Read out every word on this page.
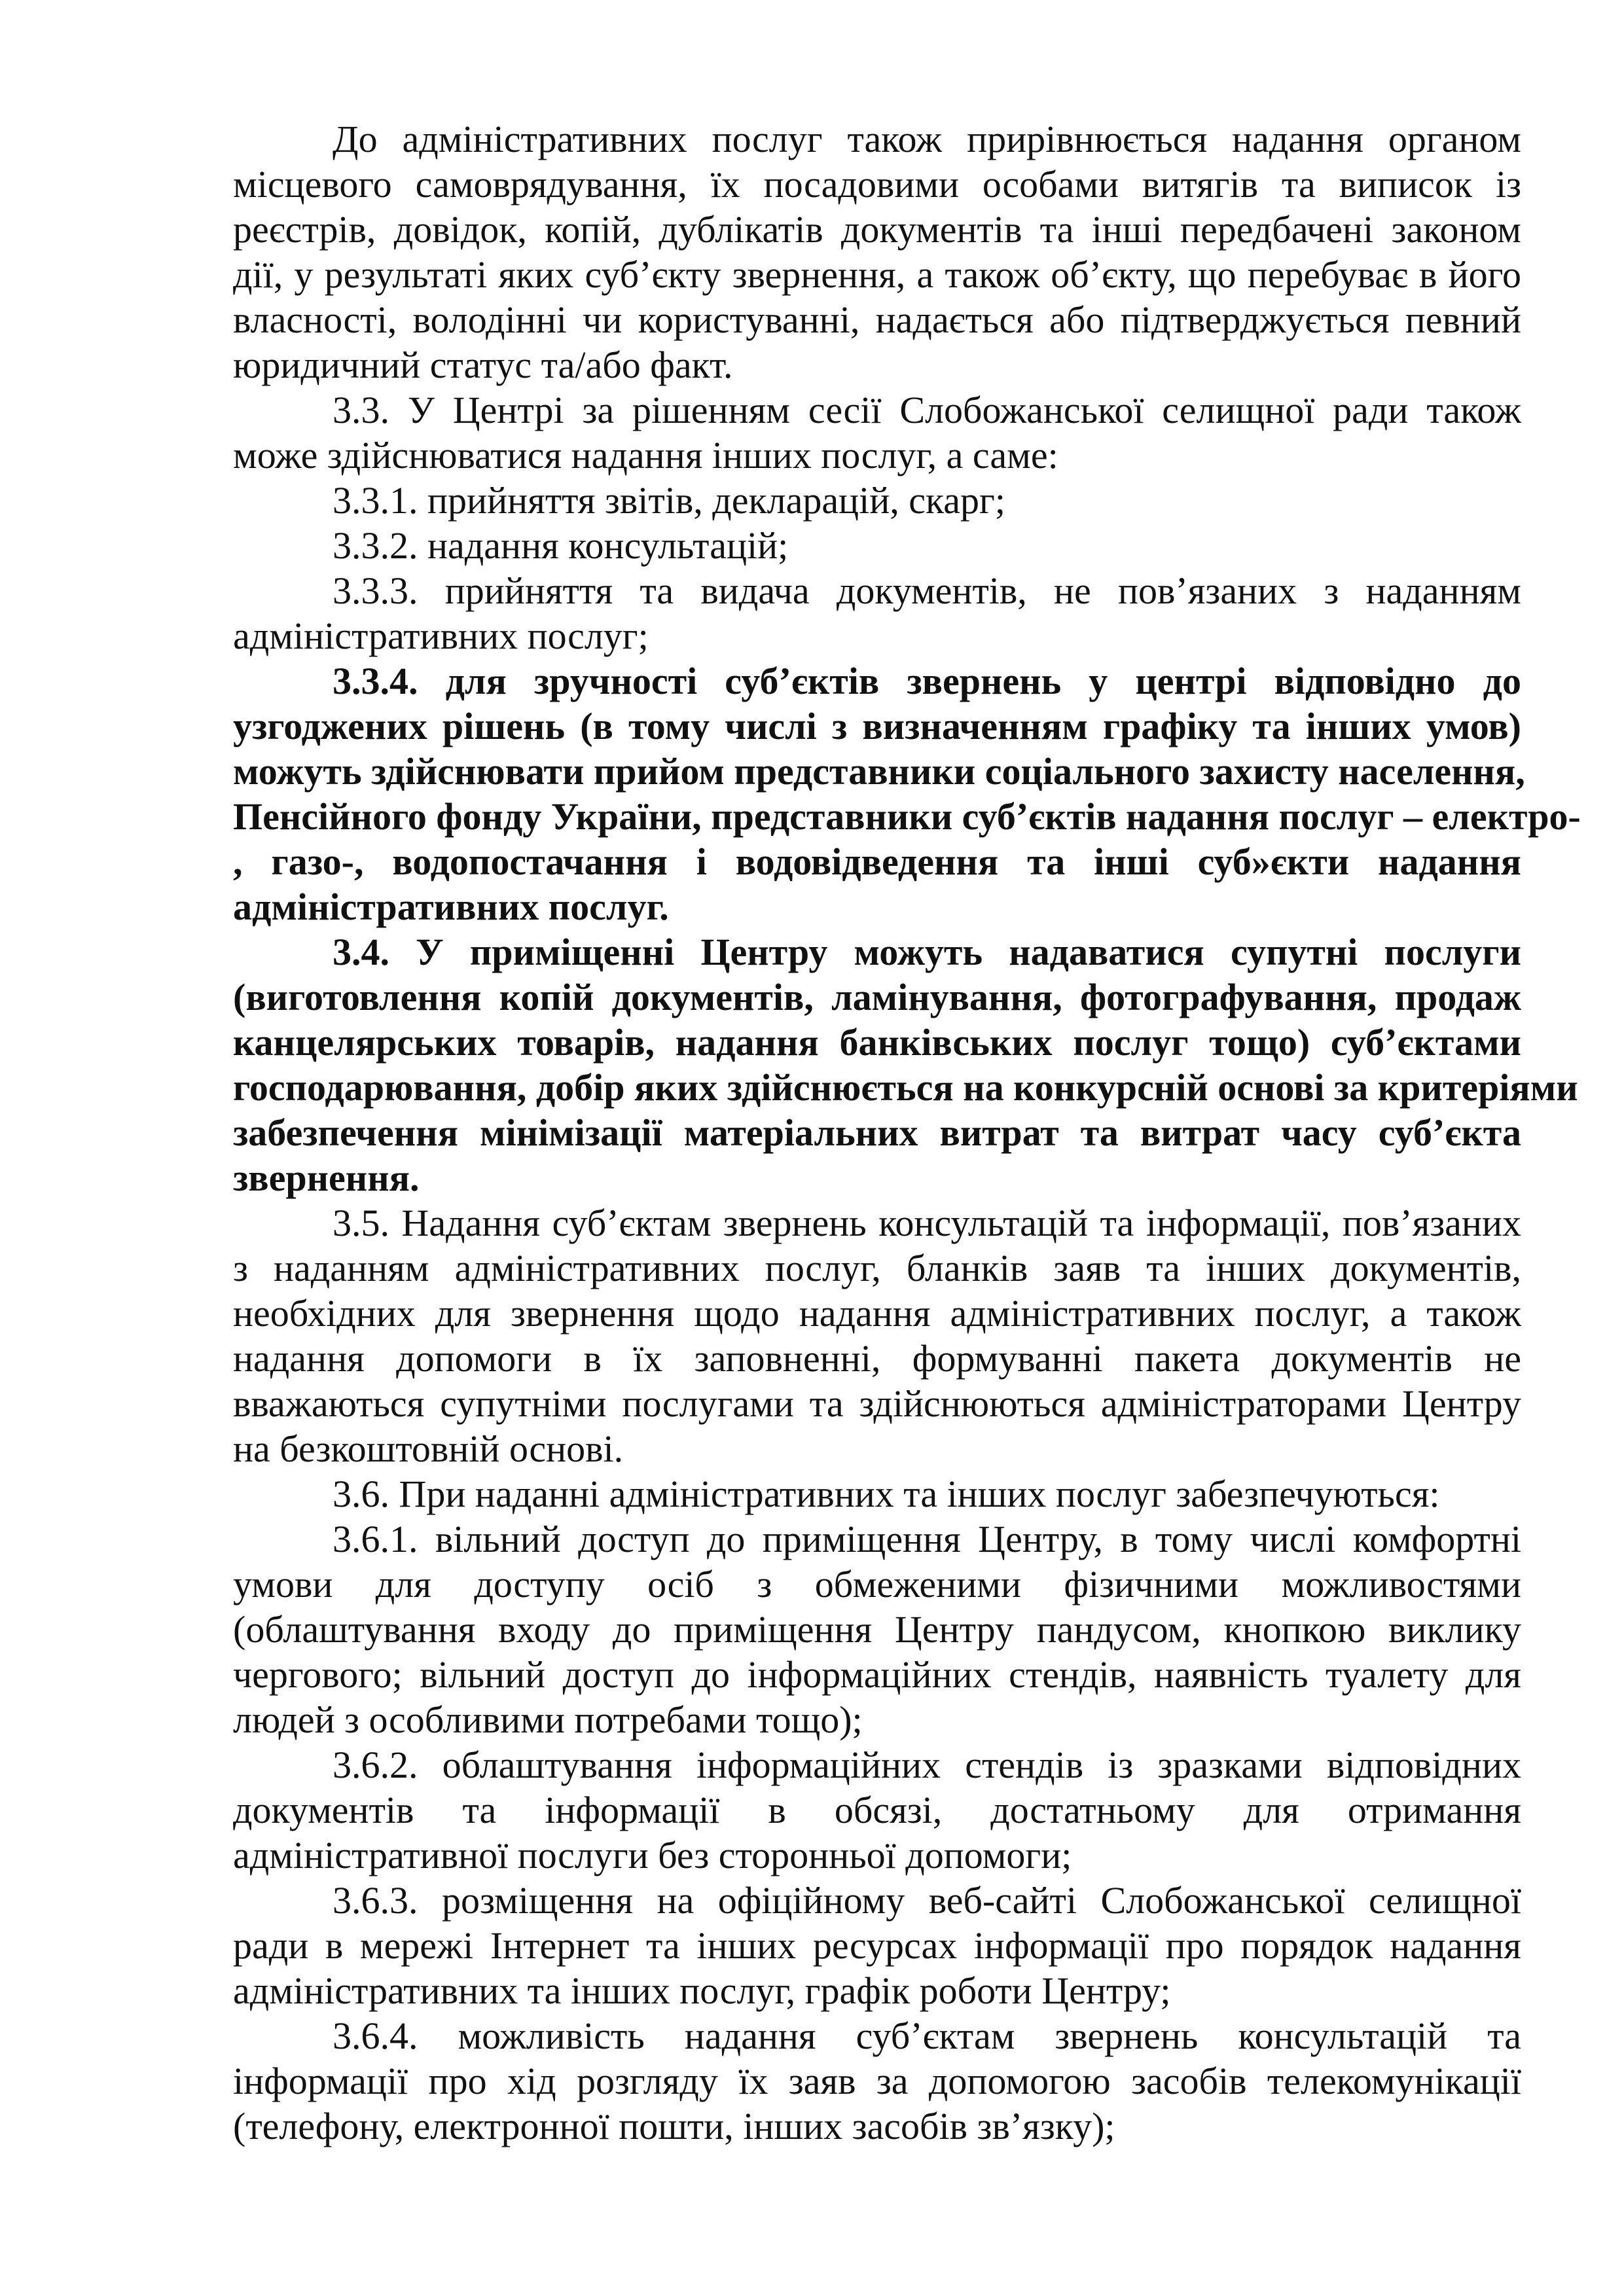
До адміністративних послуг також прирівнюється надання органом
місцевого самоврядування, їх посадовими особами витягів та виписок із
реєстрів, довідок, копій, дублікатів документів та інші передбачені законом
дії, у результаті яких суб’єкту звернення, а також об’єкту, що перебуває в його
власності, володінні чи користуванні, надається або підтверджується певний
юридичний статус та/або факт.
3.3. У Центрі за рішенням сесії Слобожанської селищної ради також
може здійснюватися надання інших послуг, а саме:
3.3.1. прийняття звітів, декларацій, скарг;
3.3.2. надання консультацій;
3.3.3. прийняття та видача документів, не пов’язаних з наданням
адміністративних послуг;
3.3.4. для зручності суб’єктів звернень у центрі відповідно до
узгоджених рішень (в тому числі з визначенням графіку та інших умов)
можуть здійснювати прийом представники соціального захисту населення,
Пенсійного фонду України, представники суб’єктів надання послуг – електро-
, газо-, водопостачання і водовідведення та інші суб»єкти надання
адміністративних послуг.
3.4. У приміщенні Центру можуть надаватися супутні послуги
(виготовлення копій документів, ламінування, фотографування, продаж
канцелярських товарів, надання банківських послуг тощо) суб’єктами
господарювання, добір яких здійснюється на конкурсній основі за критеріями
забезпечення мінімізації матеріальних витрат та витрат часу суб’єкта
звернення.
3.5. Надання суб’єктам звернень консультацій та інформації, пов’язаних
з наданням адміністративних послуг, бланків заяв та інших документів,
необхідних для звернення щодо надання адміністративних послуг, а також
надання допомоги в їх заповненні, формуванні пакета документів не
вважаються супутніми послугами та здійснюються адміністраторами Центру
на безкоштовній основі.
3.6. При наданні адміністративних та інших послуг забезпечуються:
3.6.1. вільний доступ до приміщення Центру, в тому числі комфортні
умови для доступу осіб з обмеженими фізичними можливостями
(облаштування входу до приміщення Центру пандусом, кнопкою виклику
чергового; вільний доступ до інформаційних стендів, наявність туалету для
людей з особливими потребами тощо);
3.6.2. облаштування інформаційних стендів із зразками відповідних
документів та інформації в обсязі, достатньому для отримання
адміністративної послуги без сторонньої допомоги;
3.6.3. розміщення на офіційному веб-сайті Слобожанської селищної
ради в мережі Інтернет та інших ресурсах інформації про порядок надання
адміністративних та інших послуг, графік роботи Центру;
3.6.4. можливість надання суб’єктам звернень консультацій та
інформації про хід розгляду їх заяв за допомогою засобів телекомунікації
(телефону, електронної пошти, інших засобів зв’язку);
